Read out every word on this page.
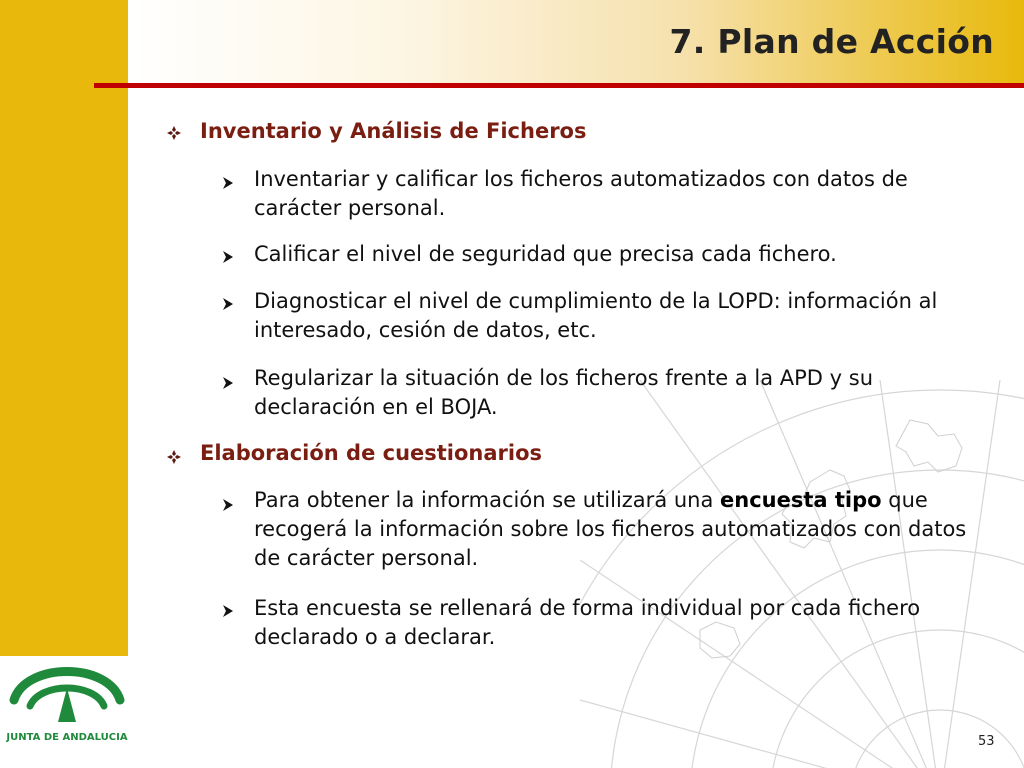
7. Plan de Acción

Inventario y Análisis de Ficheros

Inventariar y calificar los ficheros automatizados con datos de carácter personal.

Calificar el nivel de seguridad que precisa cada fichero.

Diagnosticar el nivel de cumplimiento de la LOPD: información al interesado, cesión de datos, etc.

Regularizar la situación de los ficheros frente a la APD y su declaración en el BOJA.

Elaboración de cuestionarios

Para obtener la información se utilizará una encuesta tipo que recogerá la información sobre los ficheros automatizados con datos de carácter personal.

Esta encuesta se rellenará de forma individual por cada fichero declarado o a declarar.

JUNTA DE ANDALUCIA	53
